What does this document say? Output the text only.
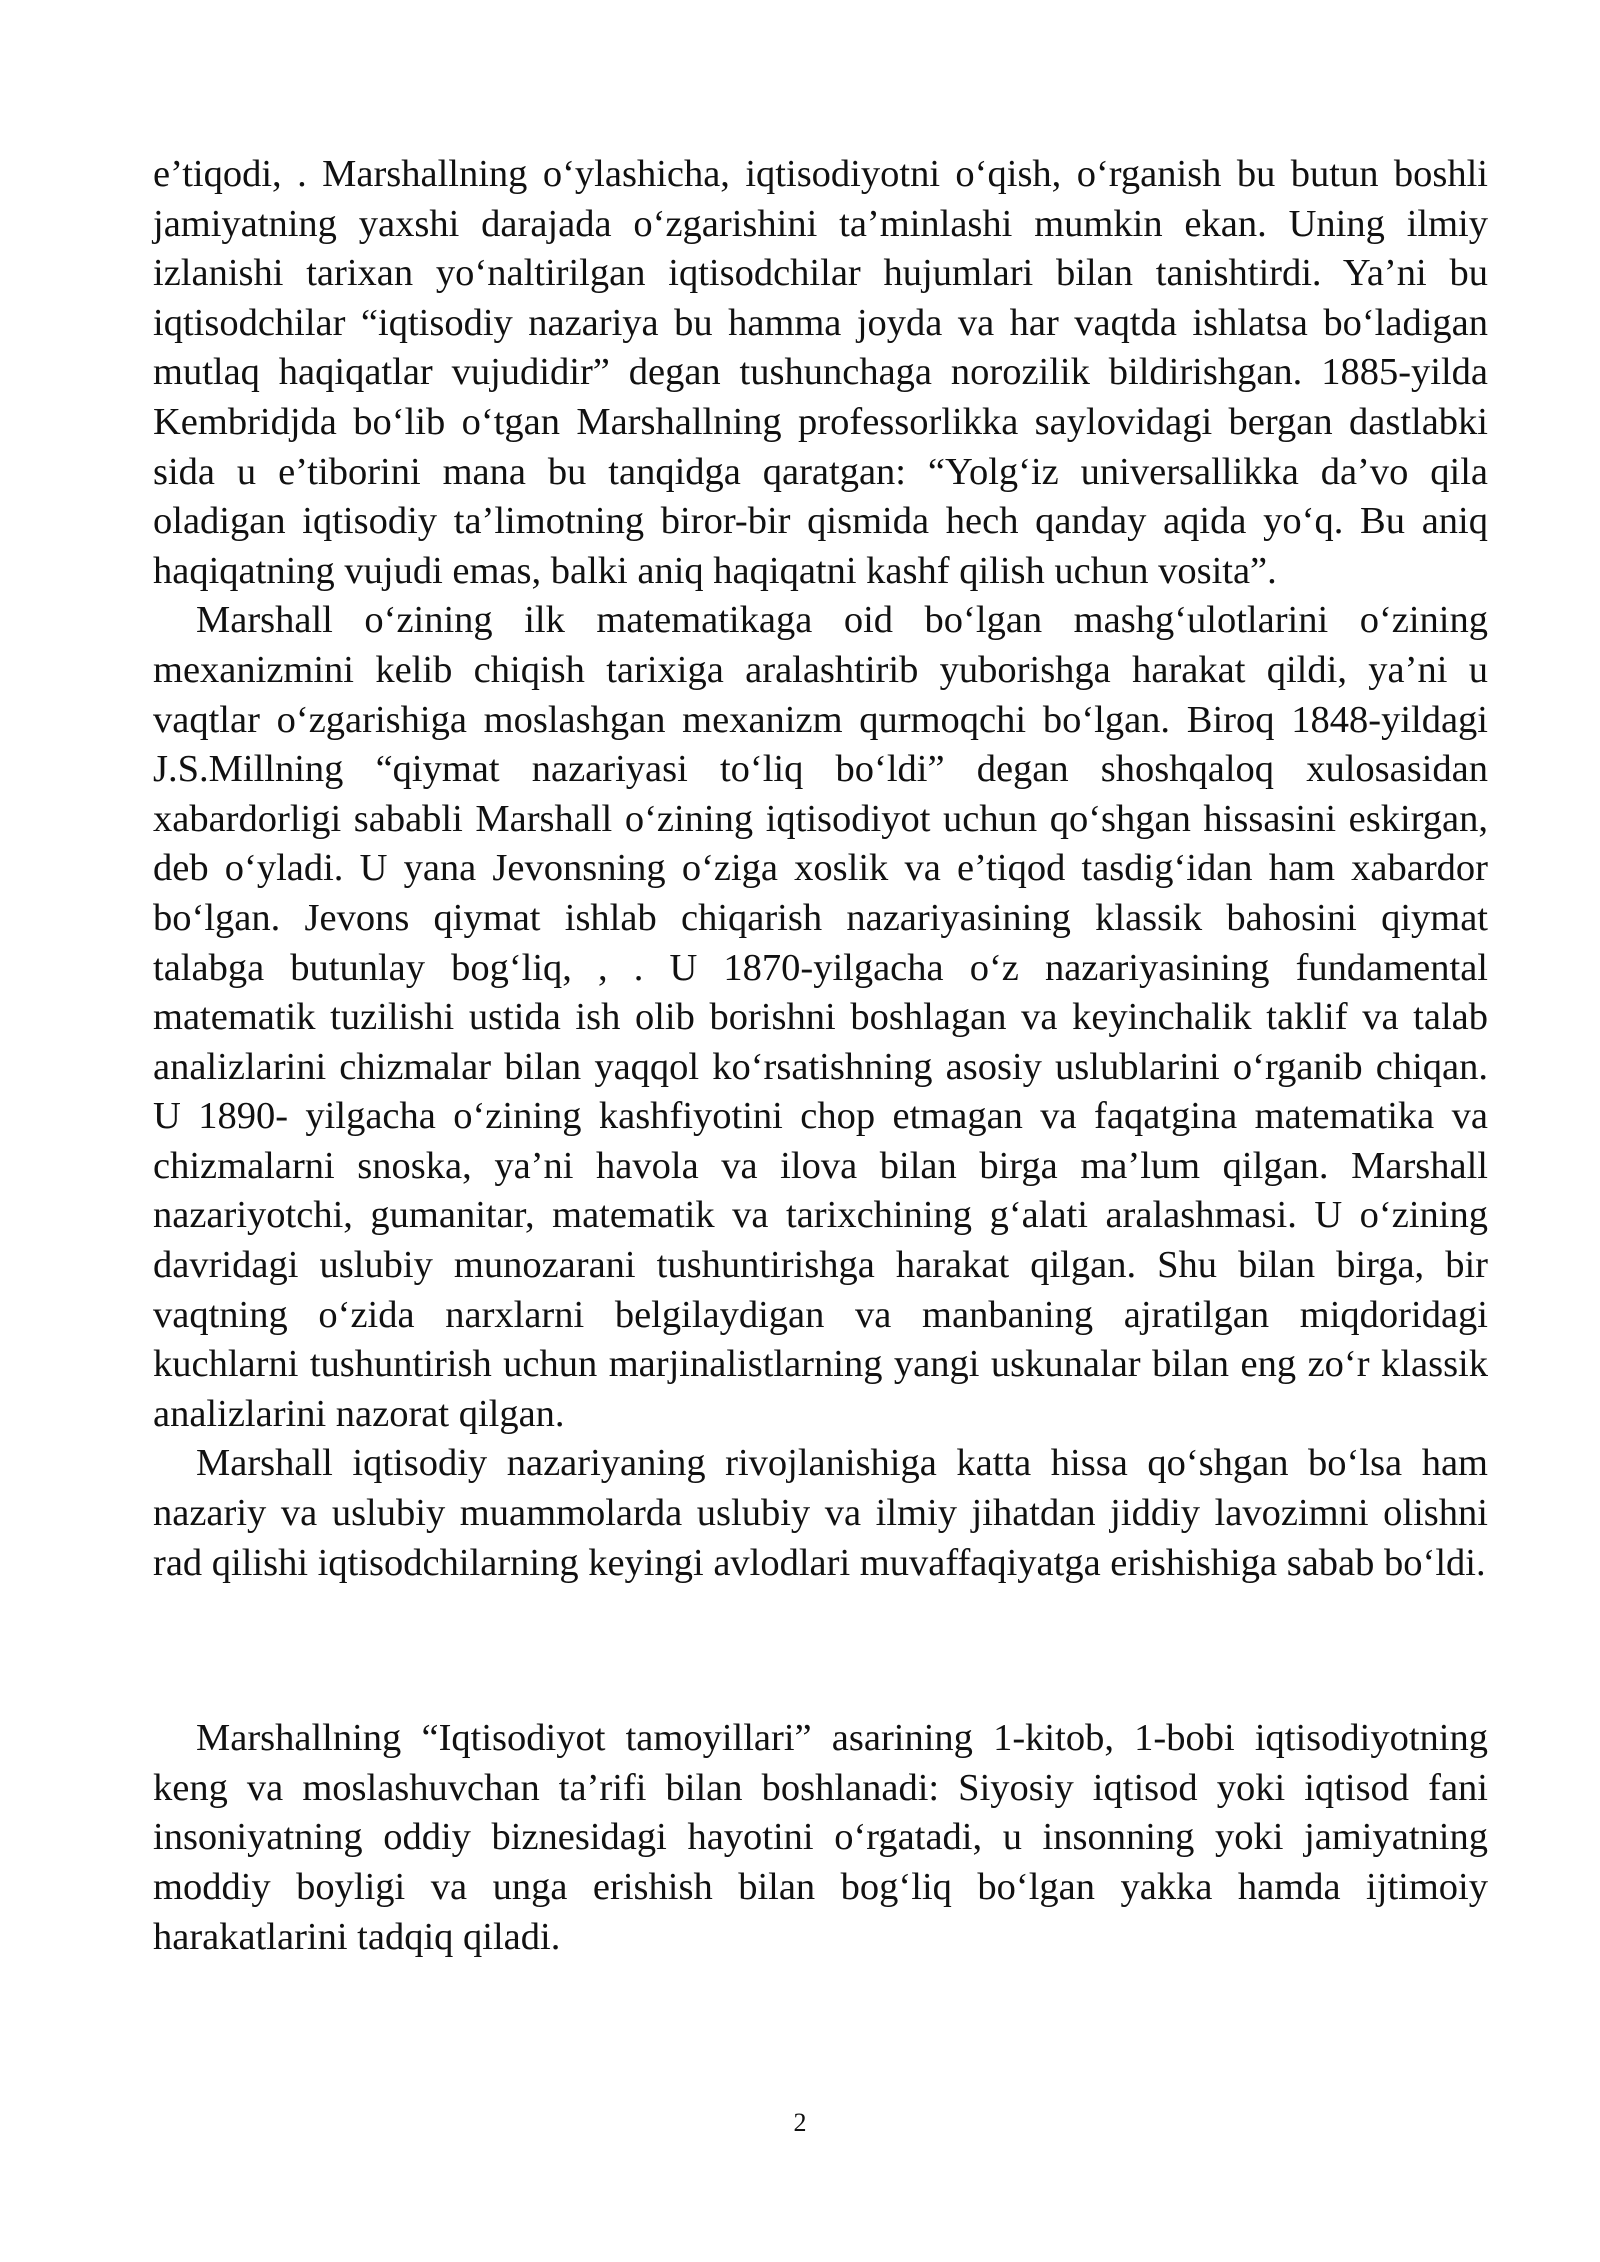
e’tiqodi, . Marshallning o‘ylashicha, iqtisodiyotni o‘qish, o‘rganish bu butun boshli jamiyatning yaxshi darajada o‘zgarishini ta’minlashi mumkin ekan. Uning ilmiy izlanishi tarixan yo‘naltirilgan iqtisodchilar hujumlari bilan tanishtirdi. Ya’ni bu iqtisodchilar “iqtisodiy nazariya bu hamma joyda va har vaqtda ishlatsa bo‘ladigan mutlaq haqiqatlar vujudidir” degan tushunchaga norozilik bildirishgan. 1885-yilda Kembridjda bo‘lib o‘tgan Marshallning professorlikka saylovidagi bergan dastlabki sida u e’tiborini mana bu tanqidga qaratgan: “Yolg‘iz universallikka da’vo qila oladigan iqtisodiy ta’limotning biror-bir qismida hech qanday aqida yo‘q. Bu aniq haqiqatning vujudi emas, balki aniq haqiqatni kashf qilish uchun vosita”.

Marshall o‘zining ilk matematikaga oid bo‘lgan mashg‘ulotlarini o‘zining mexanizmini kelib chiqish tarixiga aralashtirib yuborishga harakat qildi, ya’ni u vaqtlar o‘zgarishiga moslashgan mexanizm qurmoqchi bo‘lgan. Biroq 1848-yildagi J.S.Millning “qiymat nazariyasi to‘liq bo‘ldi” degan shoshqaloq xulosasidan xabardorligi sababli Marshall o‘zining iqtisodiyot uchun qo‘shgan hissasini eskirgan, deb o‘yladi. U yana Jevonsning o‘ziga xoslik va e’tiqod tasdig‘idan ham xabardor bo‘lgan. Jevons qiymat ishlab chiqarish nazariyasining klassik bahosini qiymat talabga butunlay bog‘liq, , . U 1870-yilgacha o‘z nazariyasining fundamental matematik tuzilishi ustida ish olib borishni boshlagan va keyinchalik taklif va talab analizlarini chizmalar bilan yaqqol ko‘rsatishning asosiy uslublarini o‘rganib chiqan. U 1890- yilgacha o‘zining kashfiyotini chop etmagan va faqatgina matematika va chizmalarni snoska, ya’ni havola va ilova bilan birga ma’lum qilgan. Marshall nazariyotchi, gumanitar, matematik va tarixchining g‘alati aralashmasi. U o‘zining davridagi uslubiy munozarani tushuntirishga harakat qilgan. Shu bilan birga, bir vaqtning o‘zida narxlarni belgilaydigan va manbaning ajratilgan miqdoridagi kuchlarni tushuntirish uchun marjinalistlarning yangi uskunalar bilan eng zo‘r klassik analizlarini nazorat qilgan.

Marshall iqtisodiy nazariyaning rivojlanishiga katta hissa qo‘shgan bo‘lsa ham nazariy va uslubiy muammolarda uslubiy va ilmiy jihatdan jiddiy lavozimni olishni rad qilishi iqtisodchilarning keyingi avlodlari muvaffaqiyatga erishishiga sabab bo‘ldi.

Marshallning “Iqtisodiyot tamoyillari” asarining 1-kitob, 1-bobi iqtisodiyotning keng va moslashuvchan ta’rifi bilan boshlanadi: Siyosiy iqtisod yoki iqtisod fani insoniyatning oddiy biznesidagi hayotini o‘rgatadi, u insonning yoki jamiyatning moddiy boyligi va unga erishish bilan bog‘liq bo‘lgan yakka hamda ijtimoiy harakatlarini tadqiq qiladi.

2
